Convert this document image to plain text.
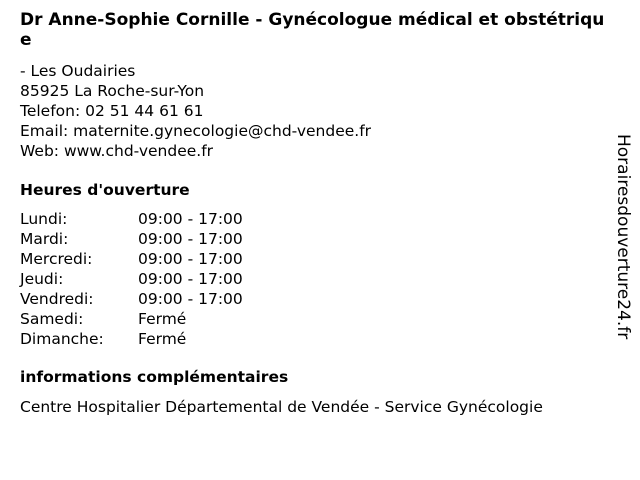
Dr Anne-Sophie Cornille - Gynécologue médical et obstétrique
- Les Oudairies
85925 La Roche-sur-Yon
Telefon: 02 51 44 61 61
Email: maternite.gynecologie@chd-vendee.fr
Web: www.chd-vendee.fr
Heures d'ouverture
Lundi:	09:00 - 17:00
Mardi:	09:00 - 17:00
Mercredi:	09:00 - 17:00
Jeudi:	09:00 - 17:00
Vendredi:	09:00 - 17:00
Samedi:	Fermé
Dimanche: Fermé
informations complémentaires
Centre Hospitalier Départemental de Vendée - Service Gynécologie
Horairesdouverture24.fr
